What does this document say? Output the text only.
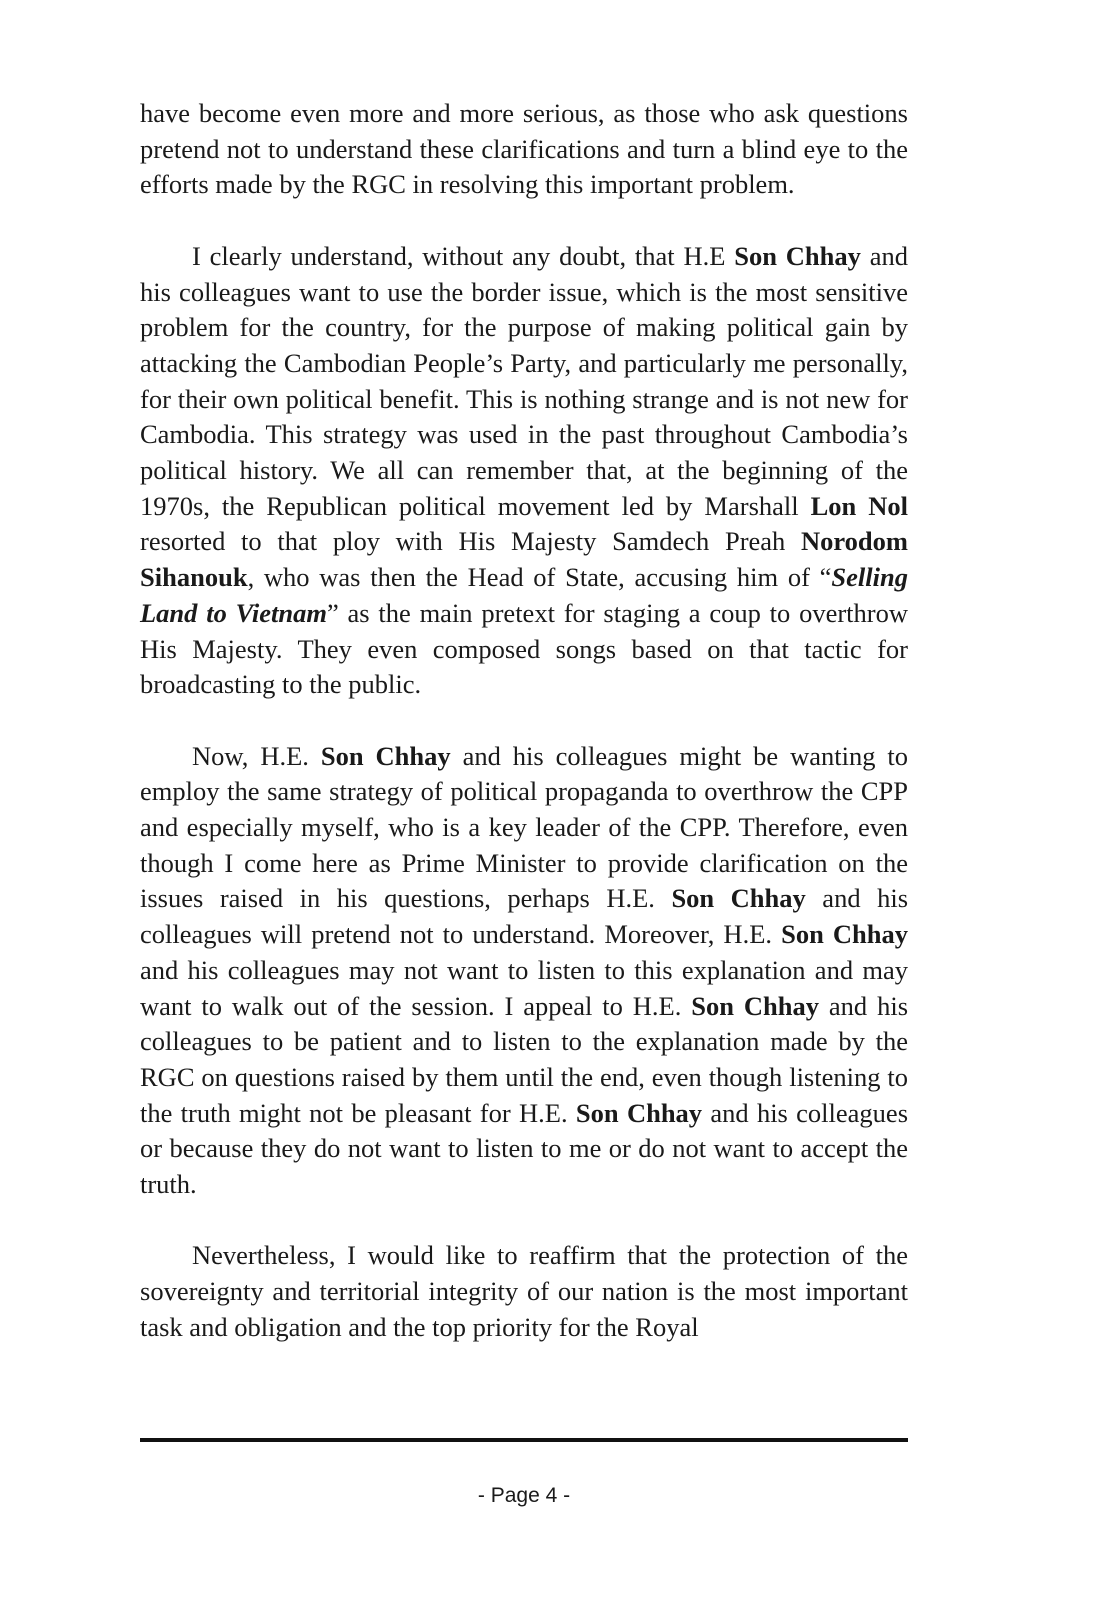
have become even more and more serious, as those who ask questions pretend not to understand these clarifications and turn a blind eye to the efforts made by the RGC in resolving this important problem.

I clearly understand, without any doubt, that H.E Son Chhay and his colleagues want to use the border issue, which is the most sensitive problem for the country, for the purpose of making political gain by attacking the Cambodian People’s Party, and particularly me personally, for their own political benefit. This is nothing strange and is not new for Cambodia. This strategy was used in the past throughout Cambodia’s political history. We all can remember that, at the beginning of the 1970s, the Republican political movement led by Marshall Lon Nol resorted to that ploy with His Majesty Samdech Preah Norodom Sihanouk, who was then the Head of State, accusing him of “Selling Land to Vietnam” as the main pretext for staging a coup to overthrow His Majesty. They even composed songs based on that tactic for broadcasting to the public.

Now, H.E. Son Chhay and his colleagues might be wanting to employ the same strategy of political propaganda to overthrow the CPP and especially myself, who is a key leader of the CPP. Therefore, even though I come here as Prime Minister to provide clarification on the issues raised in his questions, perhaps H.E. Son Chhay and his colleagues will pretend not to understand. Moreover, H.E. Son Chhay and his colleagues may not want to listen to this explanation and may want to walk out of the session. I appeal to H.E. Son Chhay and his colleagues to be patient and to listen to the explanation made by the RGC on questions raised by them until the end, even though listening to the truth might not be pleasant for H.E. Son Chhay and his colleagues or because they do not want to listen to me or do not want to accept the truth.

Nevertheless, I would like to reaffirm that the protection of the sovereignty and territorial integrity of our nation is the most important task and obligation and the top priority for the Royal

- Page 4 -
